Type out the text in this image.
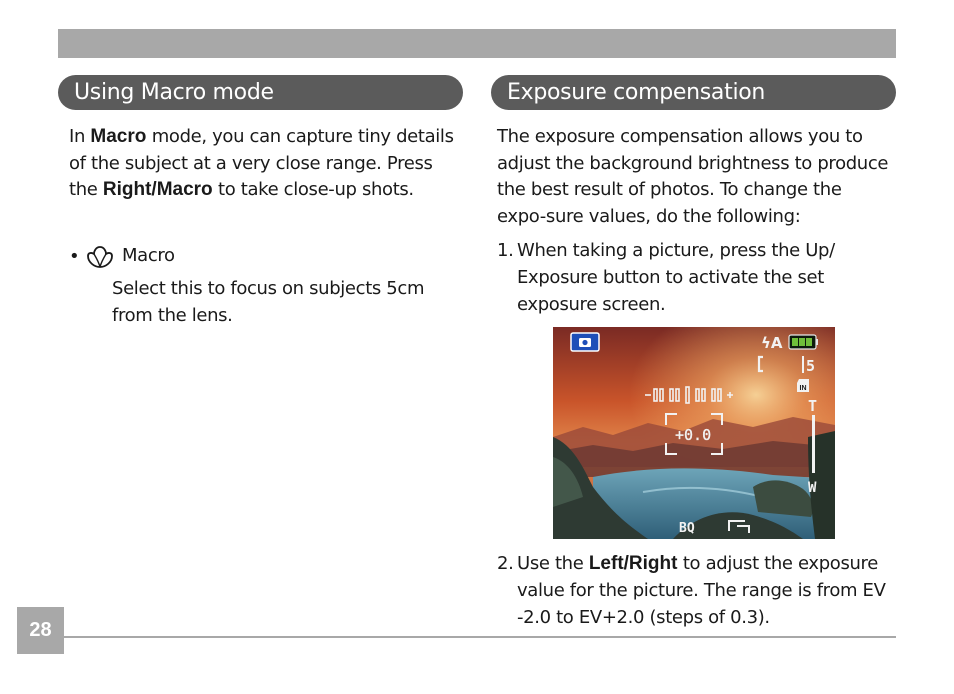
Using Macro mode
In Macro mode, you can capture tiny details of the subject at a very close range. Press the Right/Macro to take close-up shots.
• Macro
Select this to focus on subjects 5cm from the lens.
Exposure compensation
The exposure compensation allows you to adjust the background brightness to produce the best result of photos. To change the expo-sure values, do the following:
1. When taking a picture, press the Up/ Exposure button to activate the set exposure screen.
ϟA
5
IN
+0.0
T
W
BQ
2. Use the Left/Right to adjust the exposure value for the picture. The range is from EV -2.0 to EV+2.0 (steps of 0.3).
28
